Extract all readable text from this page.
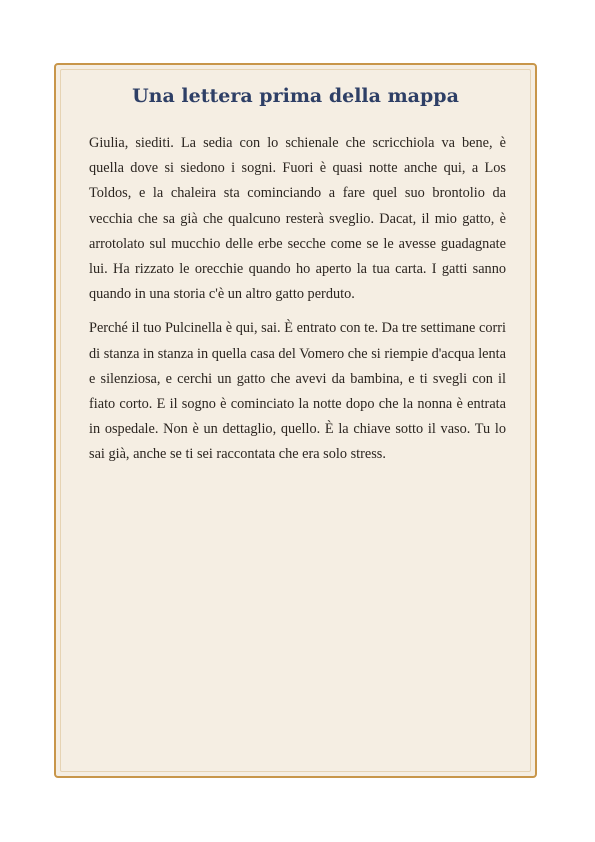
Una lettera prima della mappa

Giulia, siediti. La sedia con lo schienale che scricchiola va bene, è quella dove si siedono i sogni. Fuori è quasi notte anche qui, a Los Toldos, e la chaleira sta cominciando a fare quel suo brontolio da vecchia che sa già che qualcuno resterà sveglio. Dacat, il mio gatto, è arrotolato sul mucchio delle erbe secche come se le avesse guadagnate lui. Ha rizzato le orecchie quando ho aperto la tua carta. I gatti sanno quando in una storia c'è un altro gatto perduto.

Perché il tuo Pulcinella è qui, sai. È entrato con te. Da tre settimane corri di stanza in stanza in quella casa del Vomero che si riempie d'acqua lenta e silenziosa, e cerchi un gatto che avevi da bambina, e ti svegli con il fiato corto. E il sogno è cominciato la notte dopo che la nonna è entrata in ospedale. Non è un dettaglio, quello. È la chiave sotto il vaso. Tu lo sai già, anche se ti sei raccontata che era solo stress.
